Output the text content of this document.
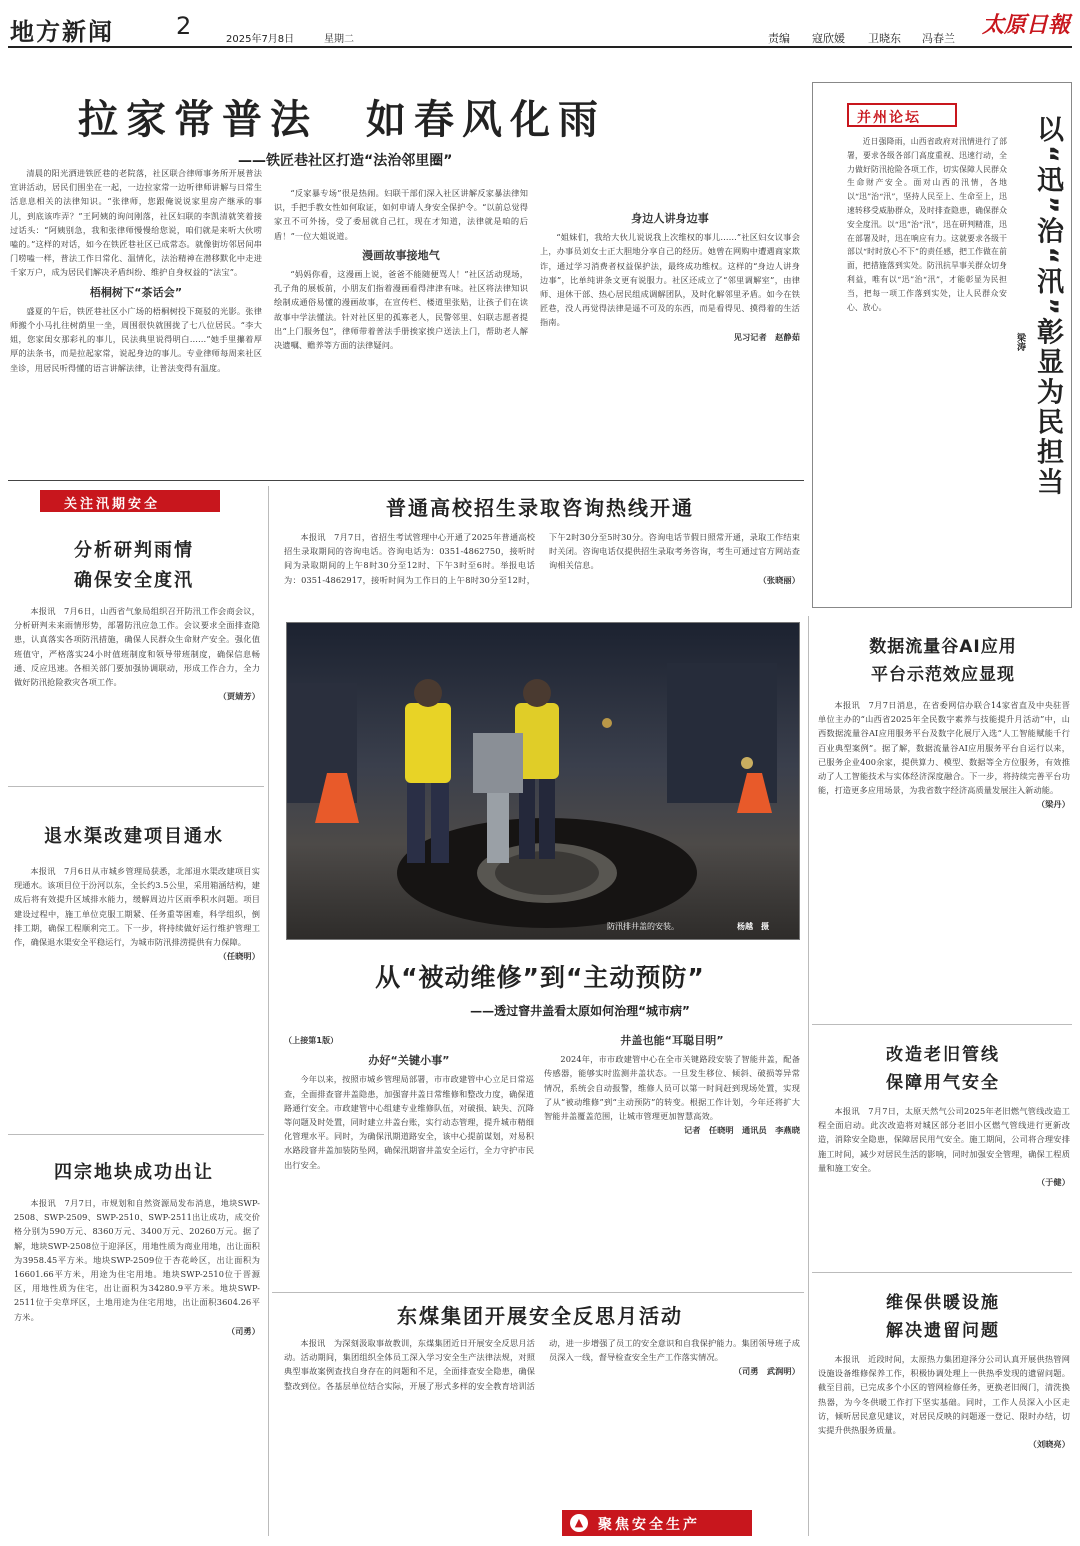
地方新闻	2	2025年7月8日	星期二	责编 寇欣媛 卫晓东 冯春兰
太原日報
拉家常普法　如春风化雨
——铁匠巷社区打造“法治邻里圈”

清晨的阳光洒进铁匠巷的老院落，社区联合律师事务所开展普法宣讲活动，居民们围坐在一起，一边拉家常一边听律师讲解与日常生活息息相关的法律知识。“张律师，您跟俺说说家里房产继承的事儿，到底该咋弄？”王阿姨的询问刚落，社区妇联的李凯清就笑着接过话头：“阿姨别急，我和张律师慢慢给您说，咱们就是来听大伙唠嗑的。”这样的对话，如今在铁匠巷社区已成常态。就像街坊邻居间串门唠嗑一样，普法工作日常化、温情化，法治精神在潜移默化中走进千家万户，成为居民们解决矛盾纠纷、维护自身权益的“法宝”。

梧桐树下“茶话会”

盛夏的午后，铁匠巷社区小广场的梧桐树投下斑驳的光影。张律师搬个小马扎往树荫里一坐，周围很快就围拢了七八位居民。“李大姐，您家闺女那彩礼的事儿，民法典里说得明白……”她手里攥着厚厚的法条书，而是拉起家常，说起身边的事儿。专业律师每周来社区坐诊，用居民听得懂的语言讲解法律，让普法变得有温度。

“反家暴专场”很是热闹。妇联干部们深入社区讲解反家暴法律知识，手把手教女性如何取证，如何申请人身安全保护令。“以前总觉得家丑不可外扬，受了委屈就自己扛，现在才知道，法律就是咱的后盾！”一位大姐说道。

漫画故事接地气

“妈妈你看，这漫画上说，爸爸不能随便骂人！”社区活动现场，孔子角的展板前，小朋友们指着漫画看得津津有味。社区将法律知识绘制成通俗易懂的漫画故事，在宣传栏、楼道里张贴，让孩子们在读故事中学法懂法。针对社区里的孤寡老人，民警邻里、妇联志愿者提出“上门服务包”，律师带着普法手册挨家挨户送法上门，帮助老人解决遗嘱、赡养等方面的法律疑问。

身边人讲身边事

“姐妹们，我给大伙儿说说我上次维权的事儿……”社区妇女议事会上，办事员刘女士正大胆地分享自己的经历。她曾在网购中遭遇商家欺诈，通过学习消费者权益保护法，最终成功维权。这样的“身边人讲身边事”，比单纯讲条文更有说服力。社区还成立了“邻里调解室”，由律师、退休干部、热心居民组成调解团队，及时化解邻里矛盾。如今在铁匠巷，没人再觉得法律是遥不可及的东西，而是看得见、摸得着的生活指南。

见习记者　赵静茹
并州论坛
近日强降雨，山西省政府对汛情进行了部署，要求各级各部门高度重视、迅速行动，全力做好防汛抢险各项工作，切实保障人民群众生命财产安全。面对山西的汛情，各地以“迅”治“汛”，坚持人民至上、生命至上，迅速转移受威胁群众，及时排查隐患，确保群众安全度汛。以“迅”治“汛”，迅在研判精准，迅在部署及时，迅在响应有力。这就要求各级干部以“时时放心不下”的责任感，把工作做在前面，把措施落到实处。防汛抗旱事关群众切身利益，唯有以“迅”治“汛”，才能彰显为民担当，把每一项工作落到实处，让人民群众安心、放心。
梁涛 以“迅”治“汛”彰显为民担当
关注汛期安全
分析研判雨情
确保安全度汛

本报讯　7月6日，山西省气象局组织召开防汛工作会商会议，分析研判未来雨情形势，部署防汛应急工作。会议要求全面排查隐患，认真落实各项防汛措施，确保人民群众生命财产安全。强化值班值守，严格落实24小时值班制度和领导带班制度，确保信息畅通、反应迅速。各相关部门要加强协调联动，形成工作合力，全力做好防汛抢险救灾各项工作。

（贾婧芳）
退水渠改建项目通水

本报讯　7月6日从市城乡管理局获悉，北部退水渠改建项目实现通水。该项目位于汾河以东，全长约3.5公里，采用箱涵结构，建成后将有效提升区域排水能力，缓解周边片区雨季积水问题。项目建设过程中，施工单位克服工期紧、任务重等困难，科学组织，倒排工期，确保工程顺利完工。下一步，将持续做好运行维护管理工作，确保退水渠安全平稳运行，为城市防汛排涝提供有力保障。

（任晓明）
四宗地块成功出让

本报讯　7月7日，市规划和自然资源局发布消息，地块SWP-2508、SWP-2509、SWP-2510、SWP-2511出让成功，成交价格分别为590万元、8360万元、3400万元、20260万元。据了解，地块SWP-2508位于迎泽区，用地性质为商业用地，出让面积为3958.45平方米。地块SWP-2509位于杏花岭区，出让面积为16601.66平方米，用途为住宅用地。地块SWP-2510位于晋源区，用地性质为住宅，出让面积为34280.9平方米。地块SWP-2511位于尖草坪区，土地用途为住宅用地，出让面积3604.26平方米。

（司勇）
普通高校招生录取咨询热线开通

本报讯　7月7日，省招生考试管理中心开通了2025年普通高校招生录取期间的咨询电话。咨询电话为：0351-4862750，接听时间为录取期间的上午8时30分至12时、下午3时至6时。举报电话为：0351-4862917，接听时间为工作日的上午8时30分至12时，下午2时30分至5时30分。咨询电话节假日照常开通，录取工作结束时关闭。咨询电话仅提供招生录取考务咨询，考生可通过官方网站查询相关信息。

（张晓丽）
防汛排井盖的安装。	杨越　摄
从“被动维修”到“主动预防”
——透过窨井盖看太原如何治理“城市病”
（上接第1版）
办好“关键小事”

今年以来，按照市城乡管理局部署，市市政建管中心立足日常巡查，全面排查窨井盖隐患，加强窨井盖日常维修和整改力度，确保道路通行安全。市政建管中心组建专业维修队伍，对破损、缺失、沉降等问题及时处置，同时建立井盖台账，实行动态管理，提升城市精细化管理水平。同时，为确保汛期道路安全，该中心提前谋划，对易积水路段窨井盖加装防坠网，确保汛期窨井盖安全运行，全力守护市民出行安全。

井盖也能“耳聪目明”

2024年，市市政建管中心在全市关键路段安装了智能井盖，配备传感器，能够实时监测井盖状态。一旦发生移位、倾斜、破损等异常情况，系统会自动报警，维修人员可以第一时间赶到现场处置，实现了从“被动维修”到“主动预防”的转变。根据工作计划，今年还将扩大智能井盖覆盖范围，让城市管理更加智慧高效。

记者　任晓明　通讯员　李燕晓
东煤集团开展安全反思月活动

本报讯　为深刻汲取事故教训，东煤集团近日开展安全反思月活动。活动期间，集团组织全体员工深入学习安全生产法律法规，对照典型事故案例查找自身存在的问题和不足，全面排查安全隐患，确保整改到位。各基层单位结合实际，开展了形式多样的安全教育培训活动，进一步增强了员工的安全意识和自我保护能力。集团领导班子成员深入一线，督导检查安全生产工作落实情况。

（司勇　武润明）
▲	聚焦安全生产
数据流量谷AI应用
平台示范效应显现

本报讯　7月7日消息，在省委网信办联合14家省直及中央驻晋单位主办的“山西省2025年全民数字素养与技能提升月活动”中，山西数据流量谷AI应用服务平台及数字化展厅入选“人工智能赋能千行百业典型案例”。据了解，数据流量谷AI应用服务平台自运行以来，已服务企业400余家，提供算力、模型、数据等全方位服务，有效推动了人工智能技术与实体经济深度融合。下一步，将持续完善平台功能，打造更多应用场景，为我省数字经济高质量发展注入新动能。

（梁丹）
改造老旧管线
保障用气安全

本报讯　7月7日，太原天然气公司2025年老旧燃气管线改造工程全面启动。此次改造将对城区部分老旧小区燃气管线进行更新改造，消除安全隐患，保障居民用气安全。施工期间，公司将合理安排施工时间，减少对居民生活的影响，同时加强安全管理，确保工程质量和施工安全。

（于健）
维保供暖设施
解决遗留问题

本报讯　近段时间，太原热力集团迎泽分公司认真开展供热管网设施设备维修保养工作，积极协调处理上一供热季发现的遗留问题。截至目前，已完成多个小区的管网检修任务，更换老旧阀门，清洗换热器，为今冬供暖工作打下坚实基础。同时，工作人员深入小区走访，倾听居民意见建议，对居民反映的问题逐一登记、限时办结，切实提升供热服务质量。

（刘晓亮）
